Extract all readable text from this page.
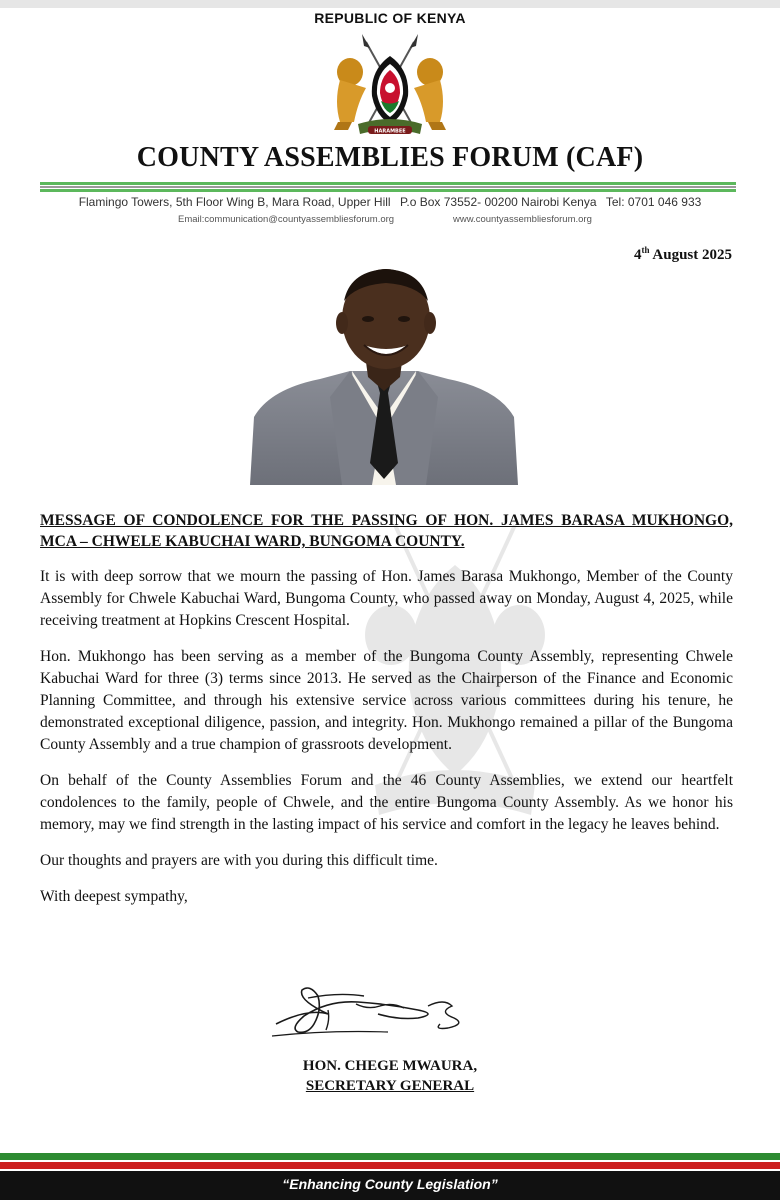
REPUBLIC OF KENYA
HARAMBEE
COUNTY ASSEMBLIES FORUM (CAF)
Flamingo Towers, 5th Floor Wing B, Mara Road, Upper Hill P.o Box 73552- 00200 Nairobi Kenya Tel: 0701 046 933
Email:communication@countyassembliesforum.org	www.countyassembliesforum.org
4th August 2025

MESSAGE OF CONDOLENCE FOR THE PASSING OF HON. JAMES BARASA MUKHONGO, MCA – CHWELE KABUCHAI WARD, BUNGOMA COUNTY.

It is with deep sorrow that we mourn the passing of Hon. James Barasa Mukhongo, Member of the County Assembly for Chwele Kabuchai Ward, Bungoma County, who passed away on Monday, August 4, 2025, while receiving treatment at Hopkins Crescent Hospital.

Hon. Mukhongo has been serving as a member of the Bungoma County Assembly, representing Chwele Kabuchai Ward for three (3) terms since 2013. He served as the Chairperson of the Finance and Economic Planning Committee, and through his extensive service across various committees during his tenure, he demonstrated exceptional diligence, passion, and integrity. Hon. Mukhongo remained a pillar of the Bungoma County Assembly and a true champion of grassroots development.

On behalf of the County Assemblies Forum and the 46 County Assemblies, we extend our heartfelt condolences to the family, people of Chwele, and the entire Bungoma County Assembly. As we honor his memory, may we find strength in the lasting impact of his service and comfort in the legacy he leaves behind.

Our thoughts and prayers are with you during this difficult time.

With deepest sympathy,

HON. CHEGE MWAURA,
SECRETARY GENERAL
“Enhancing County Legislation”
